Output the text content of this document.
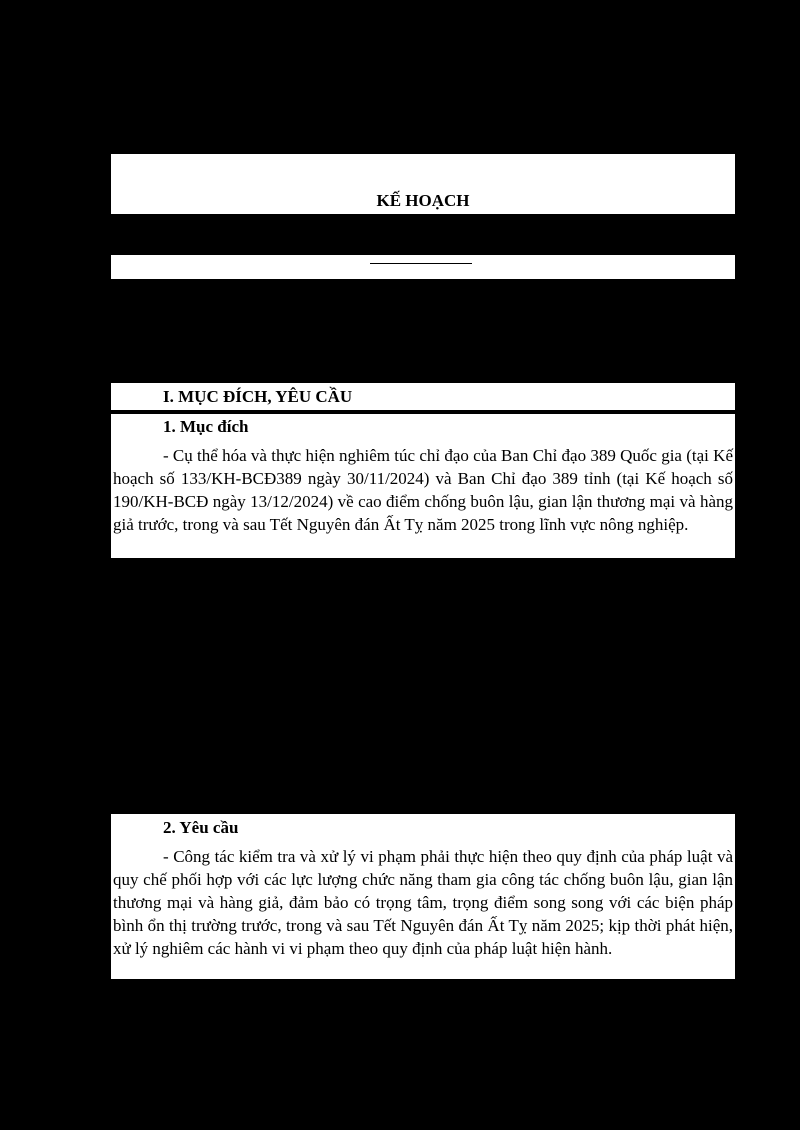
KẾ HOẠCH
I. MỤC ĐÍCH, YÊU CẦU
1. Mục đích

- Cụ thể hóa và thực hiện nghiêm túc chỉ đạo của Ban Chỉ đạo 389 Quốc gia (tại Kế hoạch số 133/KH-BCĐ389 ngày 30/11/2024) và Ban Chỉ đạo 389 tỉnh (tại Kế hoạch số 190/KH-BCĐ ngày 13/12/2024) về cao điểm chống buôn lậu, gian lận thương mại và hàng giả trước, trong và sau Tết Nguyên đán Ất Tỵ năm 2025 trong lĩnh vực nông nghiệp.

2. Yêu cầu

- Công tác kiểm tra và xử lý vi phạm phải thực hiện theo quy định của pháp luật và quy chế phối hợp với các lực lượng chức năng tham gia công tác chống buôn lậu, gian lận thương mại và hàng giả, đảm bảo có trọng tâm, trọng điểm song song với các biện pháp bình ổn thị trường trước, trong và sau Tết Nguyên đán Ất Tỵ năm 2025; kịp thời phát hiện, xử lý nghiêm các hành vi vi phạm theo quy định của pháp luật hiện hành.
